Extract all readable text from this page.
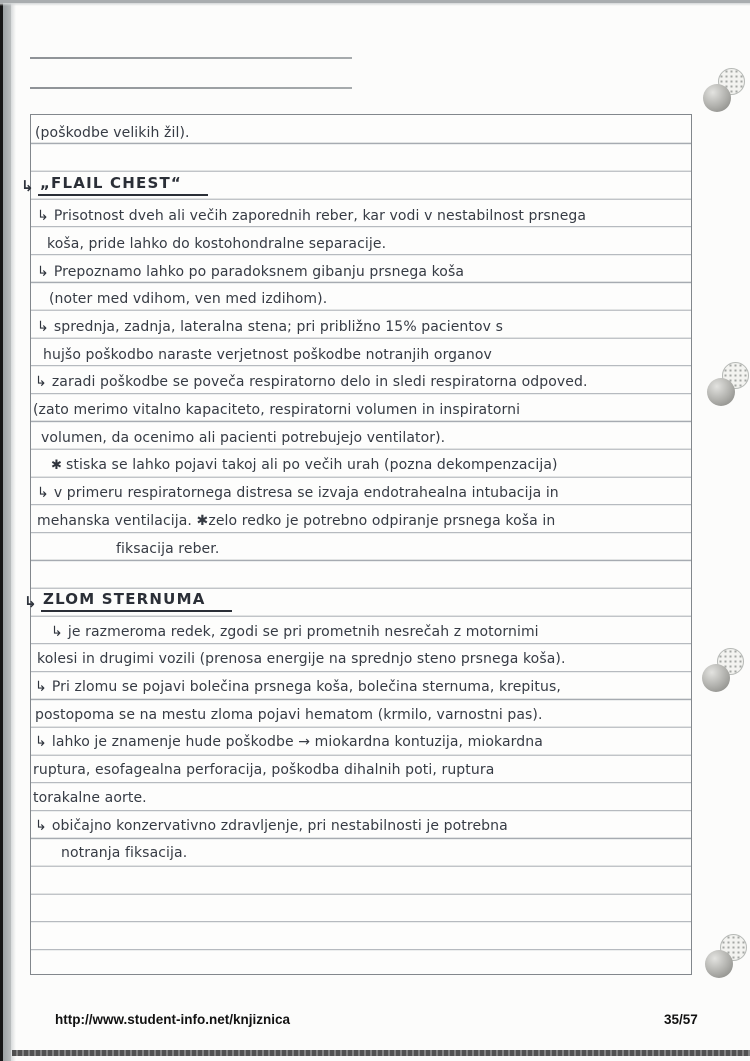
(poškodbe velikih žil).
↳ „FLAIL CHEST“
↳ Prisotnost dveh ali večih zaporednih reber, kar vodi v nestabilnost prsnega
koša, pride lahko do kostohondralne separacije.
↳ Prepoznamo lahko po paradoksnem gibanju prsnega koša
(noter med vdihom, ven med izdihom).
↳ sprednja, zadnja, lateralna stena; pri približno 15% pacientov s
hujšo poškodbo naraste verjetnost poškodbe notranjih organov
↳ zaradi poškodbe se poveča respiratorno delo in sledi respiratorna odpoved.
(zato merimo vitalno kapaciteto, respiratorni volumen in inspiratorni
volumen, da ocenimo ali pacienti potrebujejo ventilator).
✱ stiska se lahko pojavi takoj ali po večih urah (pozna dekompenzacija)
↳ v primeru respiratornega distresa se izvaja endotrahealna intubacija in
mehanska ventilacija. ✱zelo redko je potrebno odpiranje prsnega koša in
fiksacija reber.
↳ ZLOM STERNUMA
↳ je razmeroma redek, zgodi se pri prometnih nesrečah z motornimi
kolesi in drugimi vozili (prenosa energije na sprednjo steno prsnega koša).
↳ Pri zlomu se pojavi bolečina prsnega koša, bolečina sternuma, krepitus,
postopoma se na mestu zloma pojavi hematom (krmilo, varnostni pas).
↳ lahko je znamenje hude poškodbe → miokardna kontuzija, miokardna
ruptura, esofagealna perforacija, poškodba dihalnih poti, ruptura
torakalne aorte.
↳ običajno konzervativno zdravljenje, pri nestabilnosti je potrebna
notranja fiksacija.
http://www.student-info.net/knjiznica	35/57
